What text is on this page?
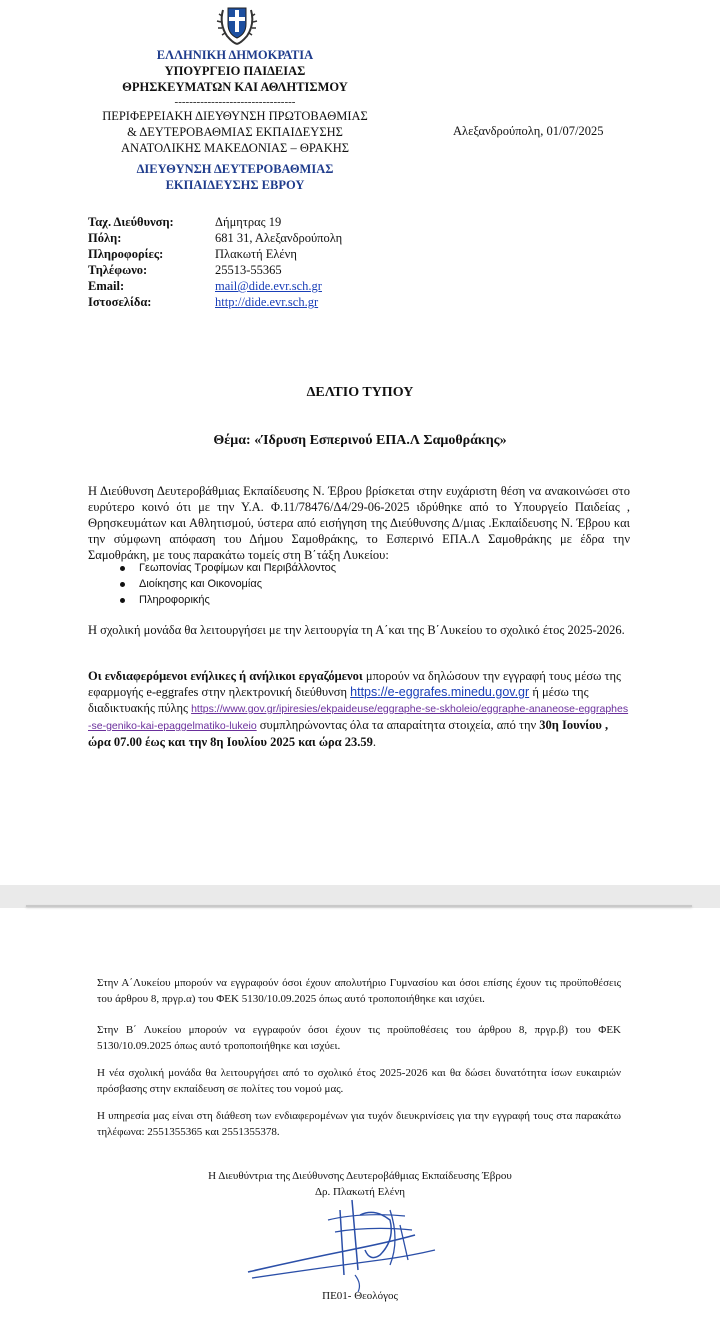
ΕΛΛΗΝΙΚΗ ΔΗΜΟΚΡΑΤΙΑ
ΥΠΟΥΡΓΕΙΟ ΠΑΙΔΕΙΑΣ
ΘΡΗΣΚΕΥΜΑΤΩΝ ΚΑΙ ΑΘΛΗΤΙΣΜΟΥ
---------------------------------
ΠΕΡΙΦΕΡΕΙΑΚΗ ΔΙΕΥΘΥΝΣΗ ΠΡΩΤΟΒΑΘΜΙΑΣ
& ΔΕΥΤΕΡΟΒΑΘΜΙΑΣ ΕΚΠΑΙΔΕΥΣΗΣ
ΑΝΑΤΟΛΙΚΗΣ ΜΑΚΕΔΟΝΙΑΣ – ΘΡΑΚΗΣ
ΔΙΕΥΘΥΝΣΗ ΔΕΥΤΕΡΟΒΑΘΜΙΑΣ
ΕΚΠΑΙΔΕΥΣΗΣ ΕΒΡΟΥ
Αλεξανδρούπολη, 01/07/2025
Ταχ. Διεύθυνση:	Δήμητρας 19
Πόλη:	681 31, Αλεξανδρούπολη
Πληροφορίες:	Πλακωτή Ελένη
Τηλέφωνο:	25513-55365
Email:	mail@dide.evr.sch.gr
Ιστοσελίδα:	http://dide.evr.sch.gr
ΔΕΛΤΙΟ ΤΥΠΟΥ
Θέμα: «Ίδρυση Εσπερινού ΕΠΑ.Λ Σαμοθράκης»
Η Διεύθυνση Δευτεροβάθμιας Εκπαίδευσης Ν. Έβρου βρίσκεται στην ευχάριστη θέση να ανακοινώσει στο ευρύτερο κοινό ότι με την Υ.Α. Φ.11/78476/Δ4/29-06-2025 ιδρύθηκε από το Υπουργείο Παιδείας , Θρησκευμάτων και Αθλητισμού, ύστερα από εισήγηση της Διεύθυνσης Δ/μιας .Εκπαίδευσης Ν. Έβρου και την σύμφωνη απόφαση του Δήμου Σαμοθράκης, το Εσπερινό ΕΠΑ.Λ Σαμοθράκης με έδρα την Σαμοθράκη, με τους παρακάτω τομείς στη Β΄τάξη Λυκείου:
Γεωπονίας Τροφίμων και Περιβάλλοντος
Διοίκησης και Οικονομίας
Πληροφορικής
Η σχολική μονάδα θα λειτουργήσει με την λειτουργία τη Α΄και της Β΄Λυκείου το σχολικό έτος 2025-2026.
Οι ενδιαφερόμενοι ενήλικες ή ανήλικοι εργαζόμενοι μπορούν να δηλώσουν την εγγραφή τους μέσω της εφαρμογής e-eggrafes στην ηλεκτρονική διεύθυνση https://e-eggrafes.minedu.gov.gr ή μέσω της διαδικτυακής πύλης https://www.gov.gr/ipiresies/ekpaideuse/eggraphe-se-skholeio/eggraphe-ananeose-eggraphes-se-geniko-kai-epaggelmatiko-lukeio συμπληρώνοντας όλα τα απαραίτητα στοιχεία, από την 30η Ιουνίου , ώρα 07.00 έως και την 8η Ιουλίου 2025 και ώρα 23.59.
Στην Α΄Λυκείου μπορούν να εγγραφούν όσοι έχουν απολυτήριο Γυμνασίου και όσοι επίσης έχουν τις προϋποθέσεις του άρθρου 8, πργρ.α) του ΦΕΚ 5130/10.09.2025 όπως αυτό τροποποιήθηκε και ισχύει.
Στην Β΄ Λυκείου μπορούν να εγγραφούν όσοι έχουν τις προϋποθέσεις του άρθρου 8, πργρ.β) του ΦΕΚ 5130/10.09.2025 όπως αυτό τροποποιήθηκε και ισχύει.
Η νέα σχολική μονάδα θα λειτουργήσει από το σχολικό έτος 2025-2026 και θα δώσει δυνατότητα ίσων ευκαιριών πρόσβασης στην εκπαίδευση σε πολίτες του νομού μας.
Η υπηρεσία μας είναι στη διάθεση των ενδιαφερομένων για τυχόν διευκρινίσεις για την εγγραφή τους στα παρακάτω τηλέφωνα: 2551355365 και 2551355378.
Η Διευθύντρια της Διεύθυνσης Δευτεροβάθμιας Εκπαίδευσης Έβρου
Δρ. Πλακωτή Ελένη
ΠΕ01- Θεολόγος
